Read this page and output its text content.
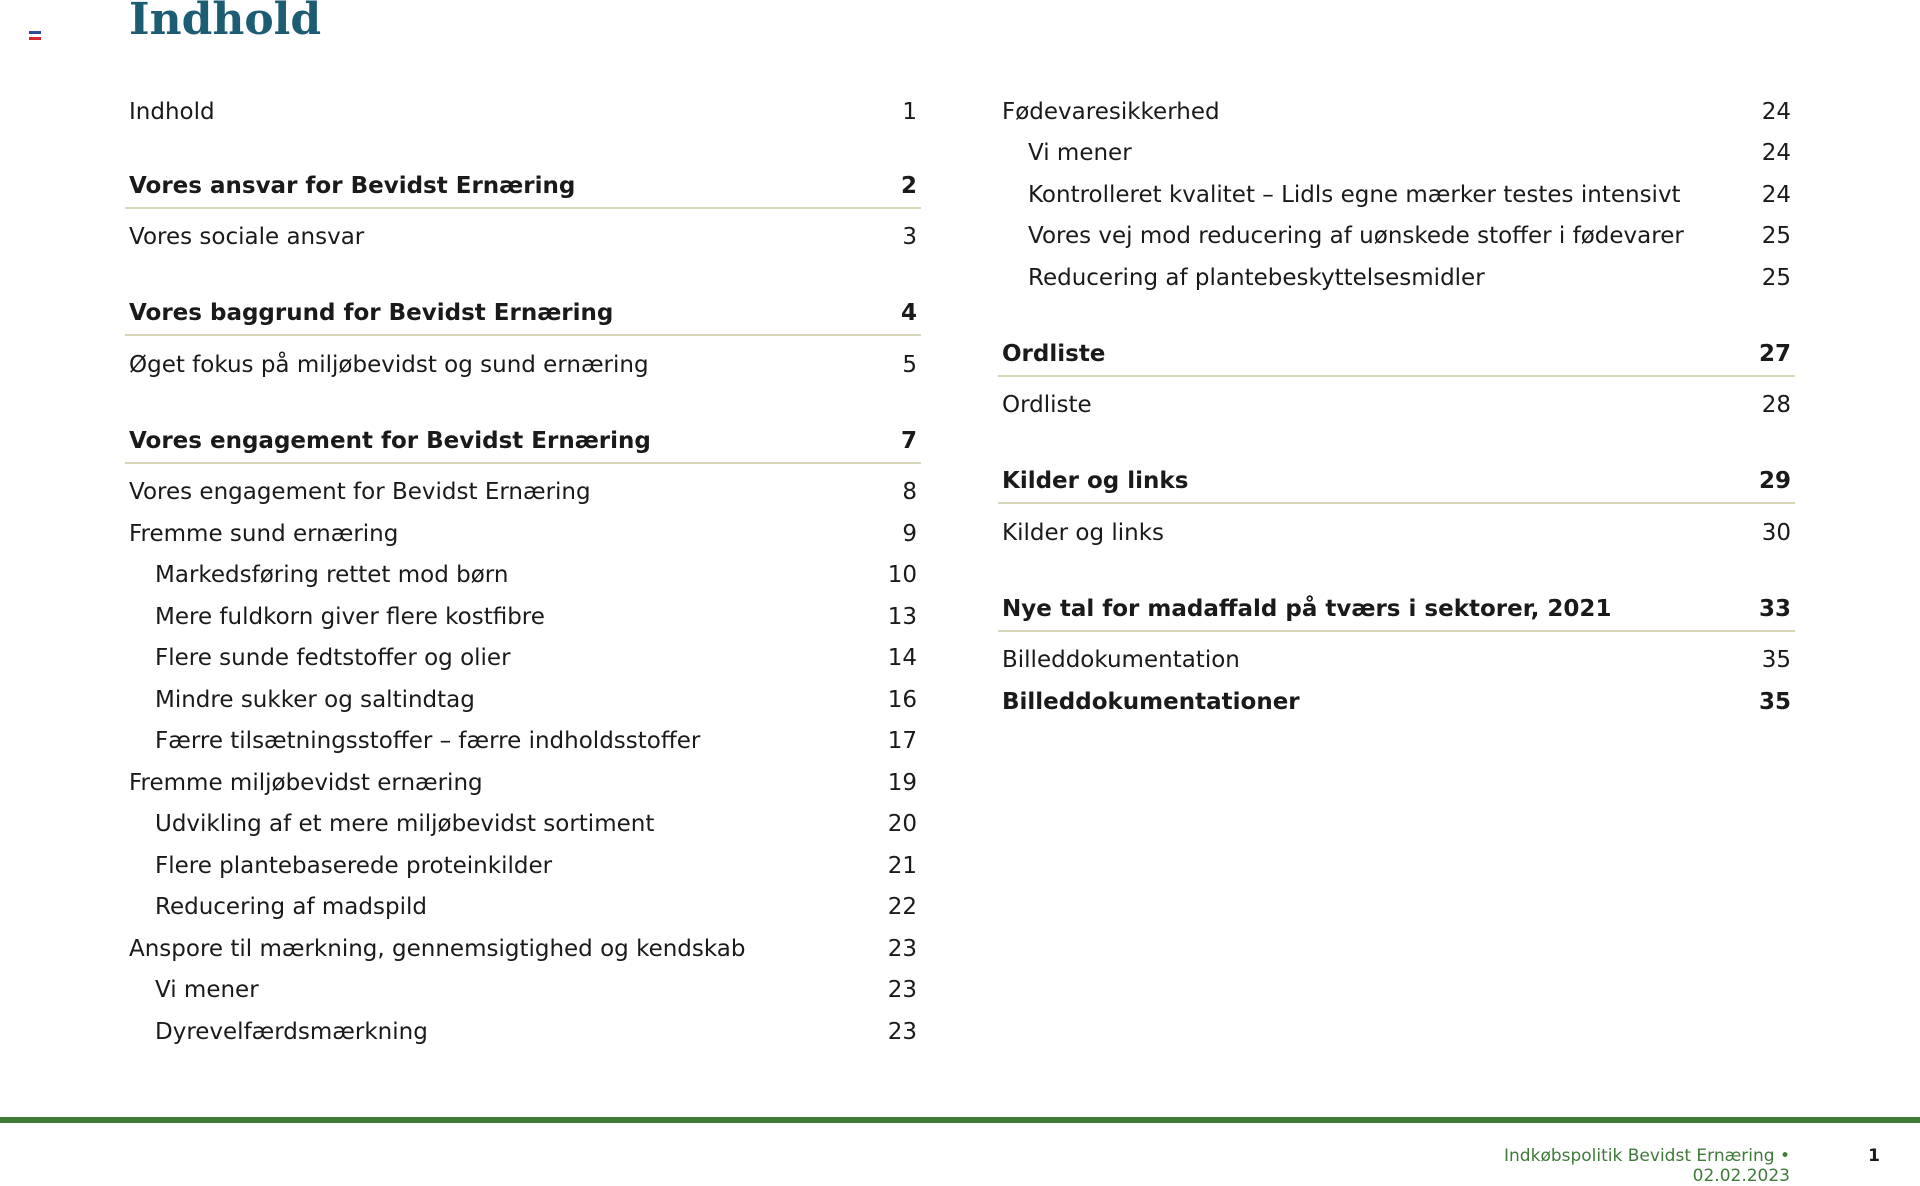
Indhold
Indhold	1
Vores ansvar for Bevidst Ernæring	2
Vores sociale ansvar	3
Vores baggrund for Bevidst Ernæring	4
Øget fokus på miljøbevidst og sund ernæring	5
Vores engagement for Bevidst Ernæring	7
Vores engagement for Bevidst Ernæring	8
Fremme sund ernæring	9
Markedsføring rettet mod børn	10
Mere fuldkorn giver flere kostfibre	13
Flere sunde fedtstoffer og olier	14
Mindre sukker og saltindtag	16
Færre tilsætningsstoffer – færre indholdsstoffer	17
Fremme miljøbevidst ernæring	19
Udvikling af et mere miljøbevidst sortiment	20
Flere plantebaserede proteinkilder	21
Reducering af madspild	22
Anspore til mærkning, gennemsigtighed og kendskab	23
Vi mener	23
Dyrevelfærdsmærkning	23
Fødevaresikkerhed	24
Vi mener	24
Kontrolleret kvalitet – Lidls egne mærker testes intensivt	24
Vores vej mod reducering af uønskede stoffer i fødevarer	25
Reducering af plantebeskyttelsesmidler	25
Ordliste	27
Ordliste	28
Kilder og links	29
Kilder og links	30
Nye tal for madaffald på tværs i sektorer, 2021	33
Billeddokumentation	35
Billeddokumentationer	35
Indkøbspolitik Bevidst Ernæring • 02.02.2023
1
